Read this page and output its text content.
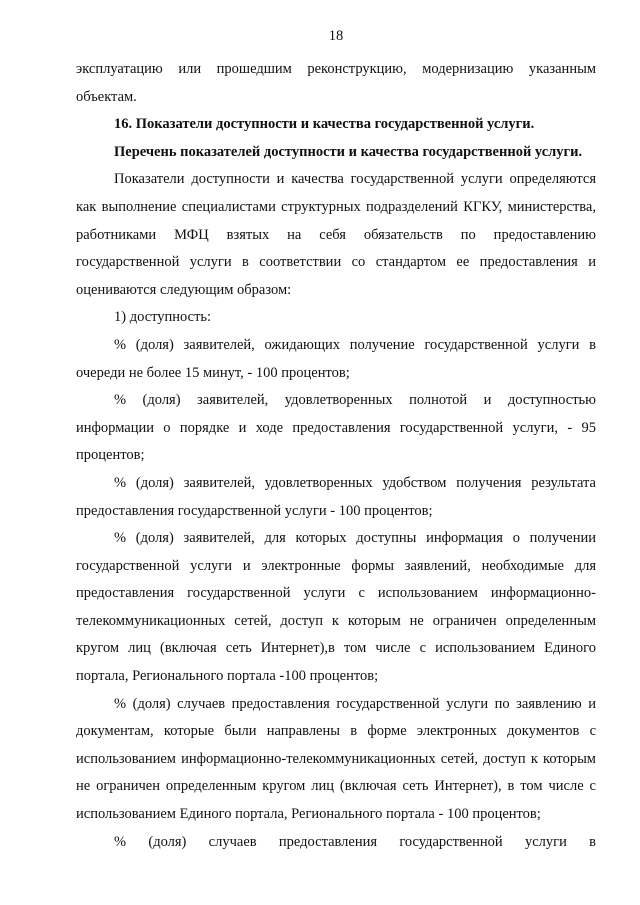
18

эксплуатацию или прошедшим реконструкцию, модернизацию указанным объектам.

16. Показатели доступности и качества государственной услуги.

Перечень показателей доступности и качества государственной услуги.

Показатели доступности и качества государственной услуги определяются как выполнение специалистами структурных подразделений КГКУ, министерства, работниками МФЦ взятых на себя обязательств по предоставлению государственной услуги в соответствии со стандартом ее предоставления и оцениваются следующим образом:

1) доступность:

% (доля) заявителей, ожидающих получение государственной услуги в очереди не более 15 минут, - 100 процентов;

% (доля) заявителей, удовлетворенных полнотой и доступностью информации о порядке и ходе предоставления государственной услуги, - 95 процентов;

% (доля) заявителей, удовлетворенных удобством получения результата предоставления государственной услуги - 100 процентов;

% (доля) заявителей, для которых доступны информация о получении государственной услуги и электронные формы заявлений, необходимые для предоставления государственной услуги с использованием информационно-телекоммуникационных сетей, доступ к которым не ограничен определенным кругом лиц (включая сеть Интернет),в том числе с использованием Единого портала, Регионального портала -100 процентов;

% (доля) случаев предоставления государственной услуги по заявлению и документам, которые были направлены в форме электронных документов с использованием информационно-телекоммуникационных сетей, доступ к которым не ограничен определенным кругом лиц (включая сеть Интернет), в том числе с использованием Единого портала, Регионального портала - 100 процентов;

% (доля) случаев предоставления государственной услуги в
